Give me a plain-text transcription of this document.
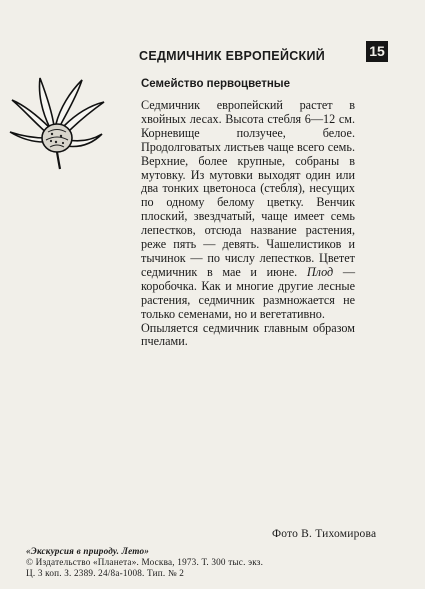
СЕДМИЧНИК ЕВРОПЕЙСКИЙ	15
Семейство первоцветные

Седмичник европейский растет в хвойных лесах. Высота стебля 6—12 см. Корневище ползучее, белое. Продолговатых листьев чаще всего семь. Верхние, более крупные, собраны в мутовку. Из мутовки выходят один или два тонких цветоноса (стебля), несущих по одному белому цветку. Венчик плоский, звездчатый, чаще имеет семь лепестков, отсюда название растения, реже пять — девять. Чашелистиков и тычинок — по числу лепестков. Цветет седмичник в мае и июне. Плод — коробочка. Как и многие другие лесные растения, седмичник размножается не только семенами, но и вегетативно.

Опыляется седмичник главным образом пчелами.

Фото В. Тихомирова
«Экскурсия в природу. Лето»
© Издательство «Планета». Москва, 1973. Т. 300 тыс. экз.
Ц. 3 коп. З. 2389. 24/8а-1008. Тип. № 2
